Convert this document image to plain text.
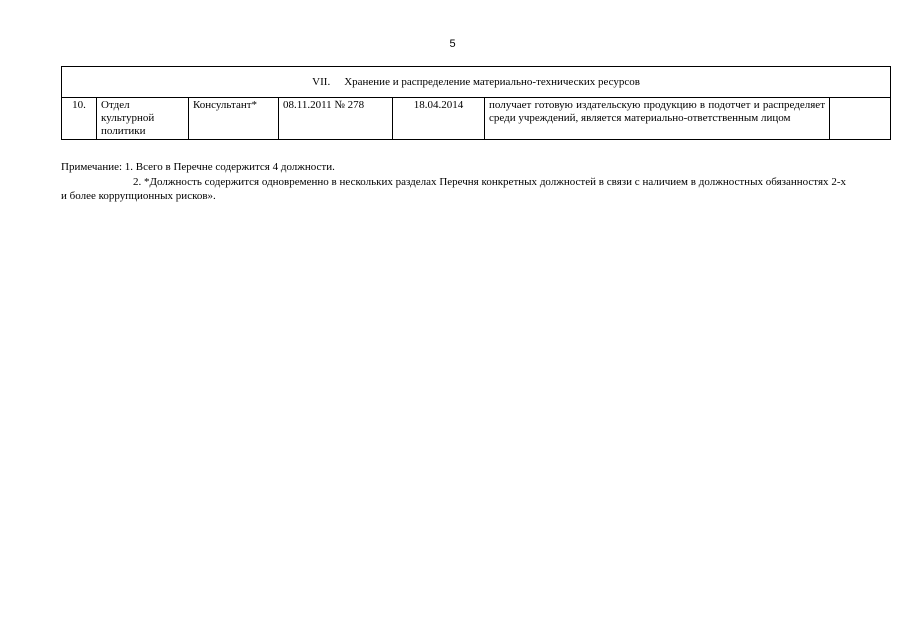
5
VII. Хранение и распределение материально-технических ресурсов
10.	Отдел культурной политики	Консультант*	08.11.2011 № 278	18.04.2014	получает готовую издательскую продукцию в подотчет и распределяет среди учреждений, является материально-ответственным лицом	

Примечание: 1. Всего в Перечне содержится 4 должности.

2. *Должность содержится одновременно в нескольких разделах Перечня конкретных должностей в связи с наличием в должностных обязанностях 2-х и более коррупционных рисков».
